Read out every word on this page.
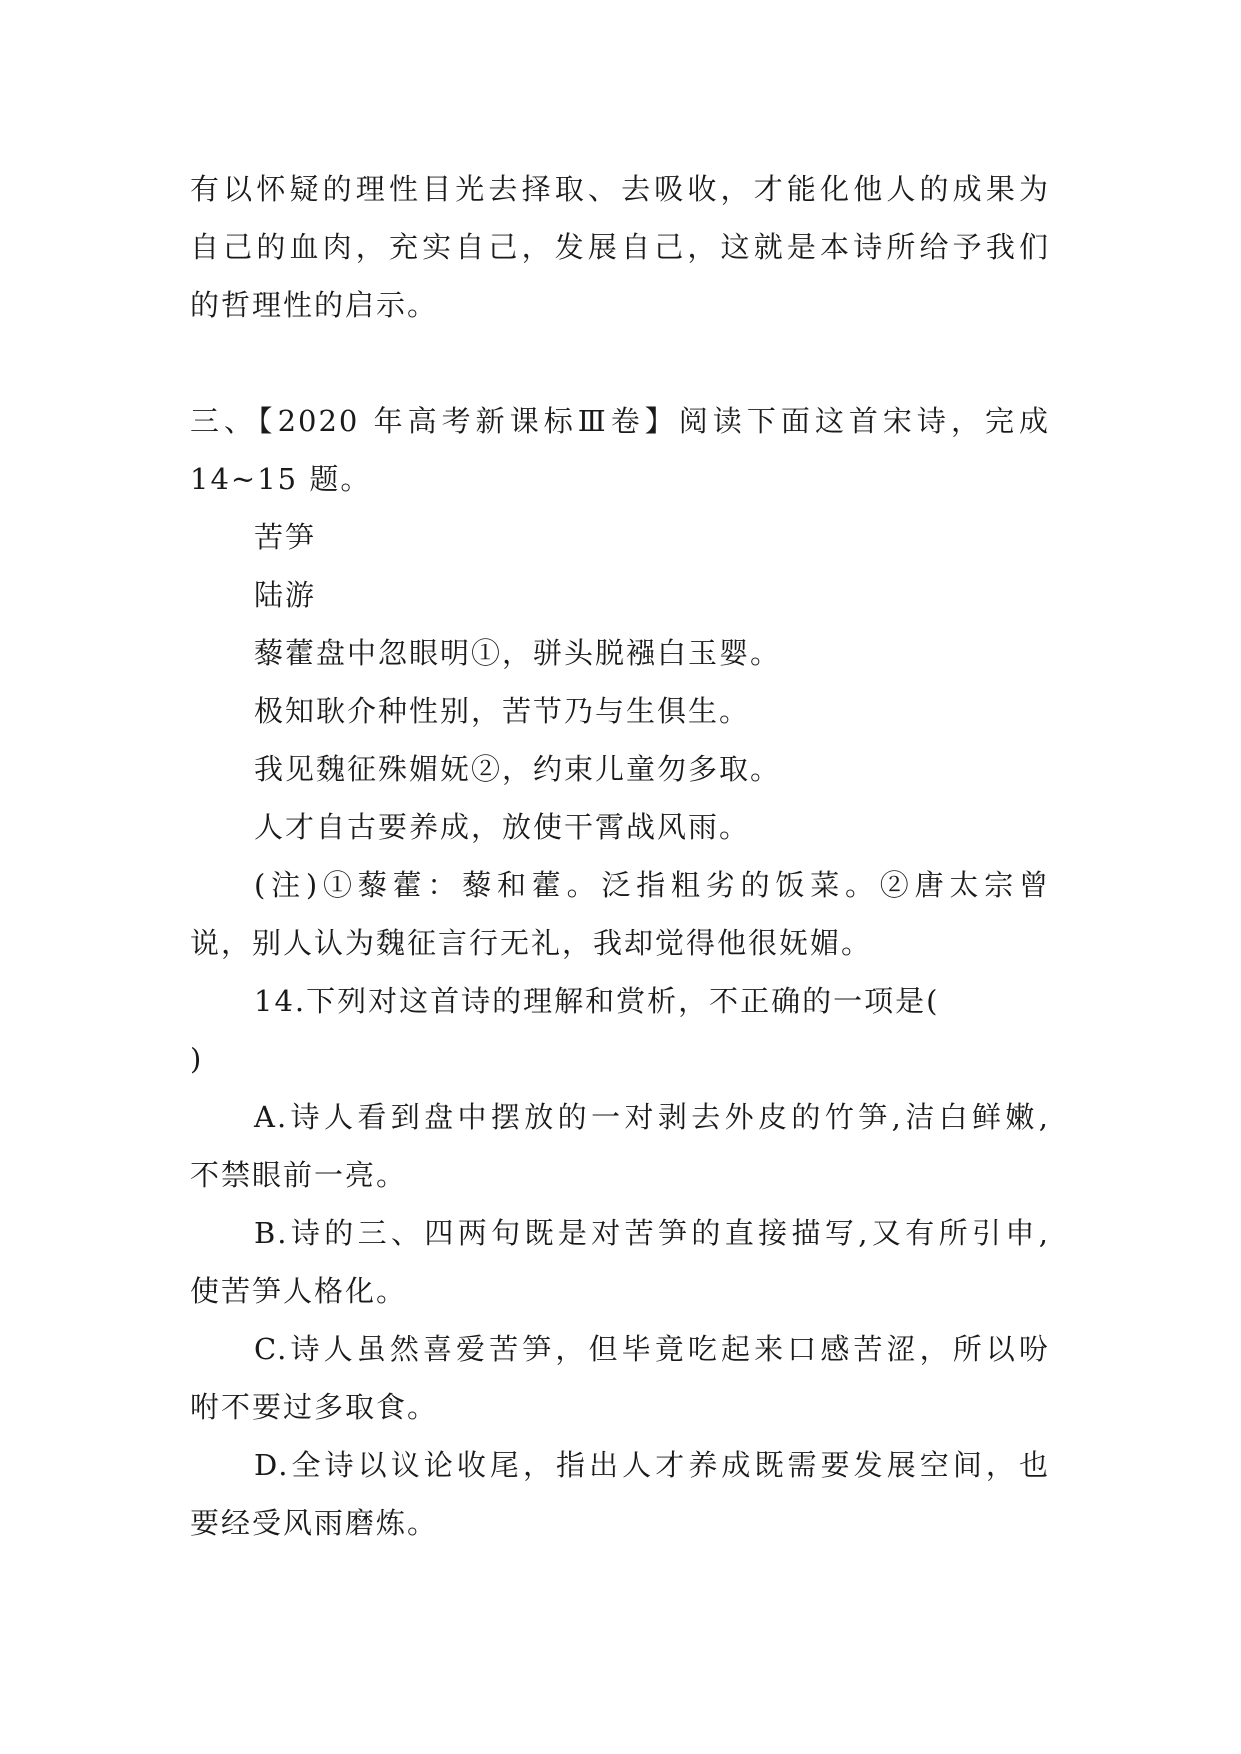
有以怀疑的理性目光去择取、去吸收，才能化他人的成果为
自己的血肉，充实自己，发展自己，这就是本诗所给予我们
的哲理性的启示。
三、【2020 年高考新课标Ⅲ卷】阅读下面这首宋诗，完成
14~15 题。
苦笋
陆游
藜藿盘中忽眼明①，骈头脱襁白玉婴。
极知耿介种性别，苦节乃与生俱生。
我见魏征殊媚妩②，约束儿童勿多取。
人才自古要养成，放使干霄战风雨。
(注)①藜藿：藜和藿。泛指粗劣的饭菜。②唐太宗曾
说，别人认为魏征言行无礼，我却觉得他很妩媚。
14.下列对这首诗的理解和赏析，不正确的一项是(
)
A.诗人看到盘中摆放的一对剥去外皮的竹笋,洁白鲜嫩,
不禁眼前一亮。
B.诗的三、四两句既是对苦笋的直接描写,又有所引申,
使苦笋人格化。
C.诗人虽然喜爱苦笋，但毕竟吃起来口感苦涩，所以吩
咐不要过多取食。
D.全诗以议论收尾，指出人才养成既需要发展空间，也
要经受风雨磨炼。
